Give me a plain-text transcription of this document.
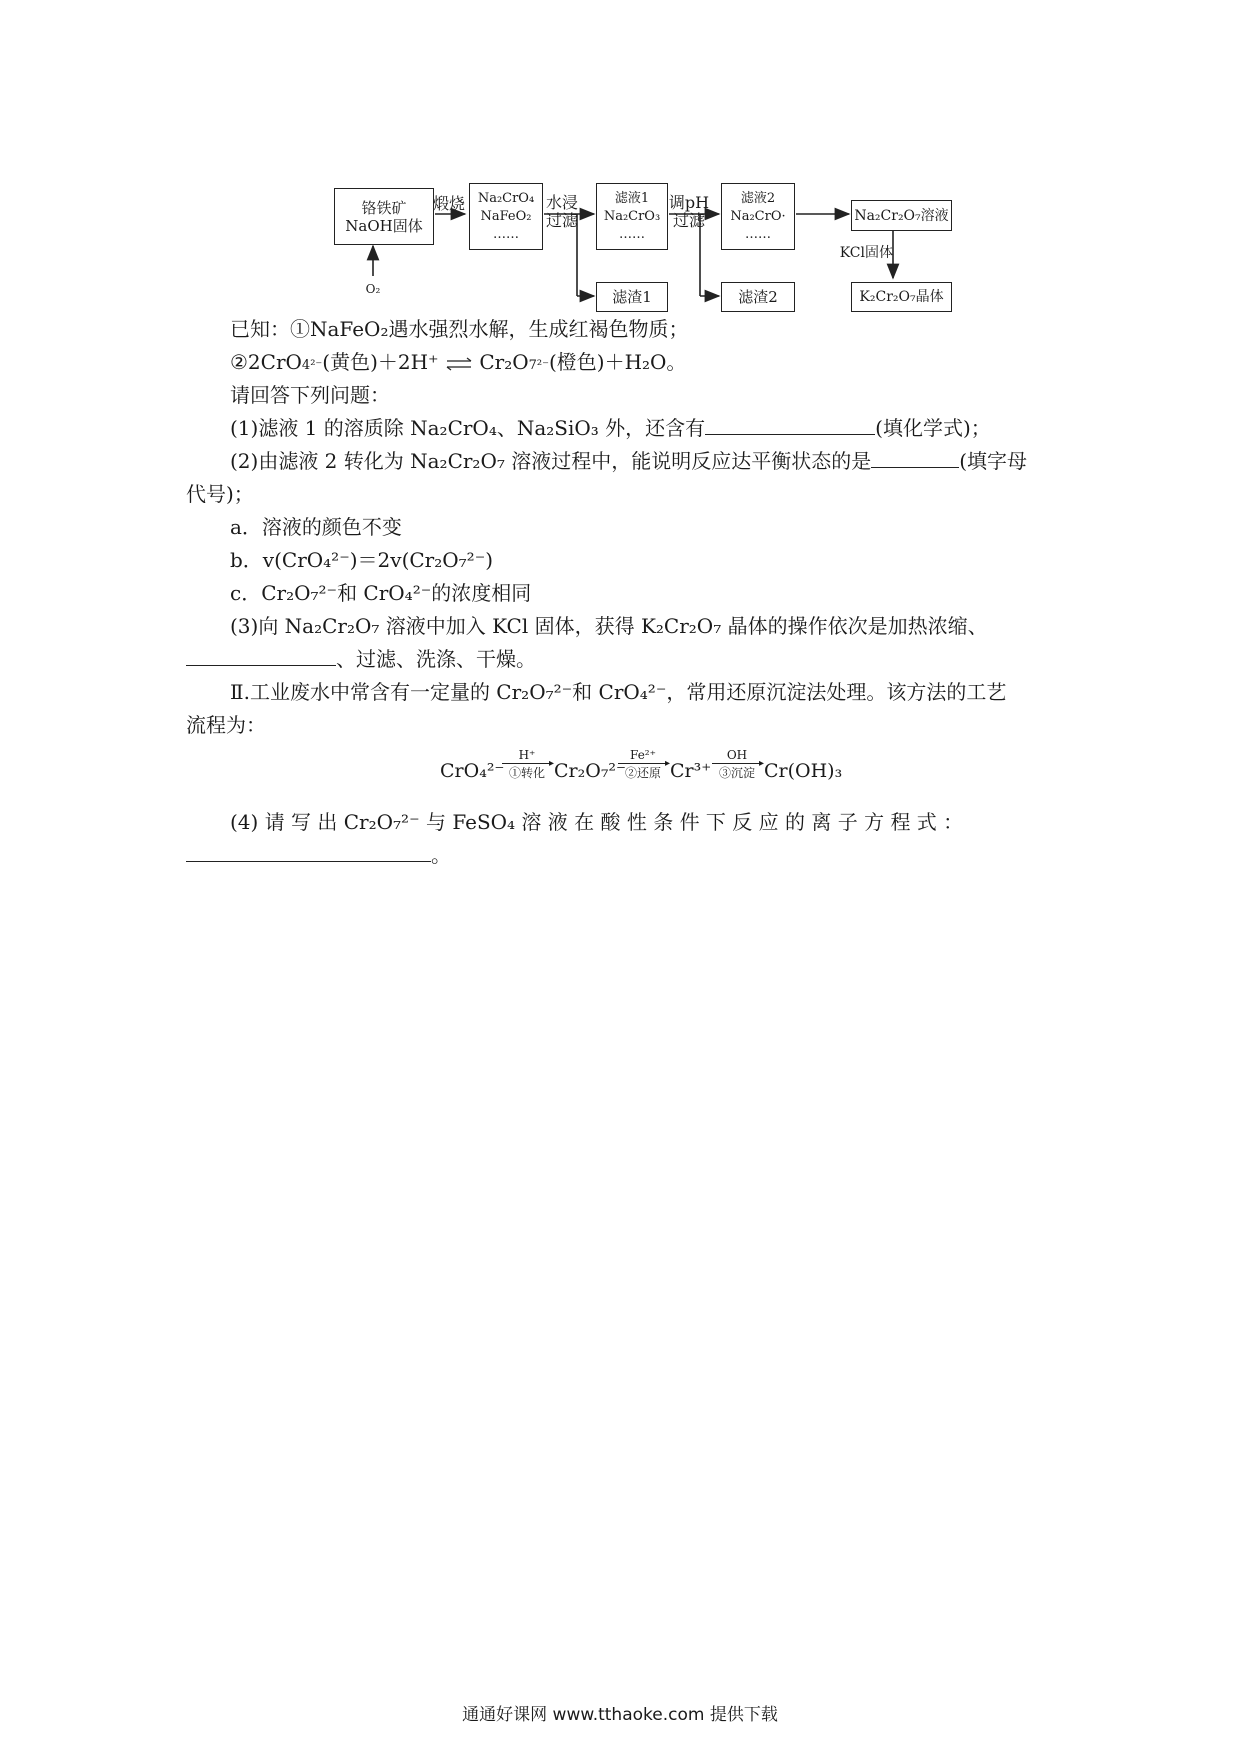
铬铁矿
NaOH固体
Na₂CrO₄
NaFeO₂
……
滤液1
Na₂CrO₃
……
滤液2
Na₂CrO·
……
Na₂Cr₂O₇溶液
滤渣1	滤渣2	K₂Cr₂O₇晶体
煅烧	水浸
过滤
调pH
过滤
KCl固体
O₂
已知：①NaFeO₂遇水强烈水解，生成红褐色物质；
②2CrO4²⁻(黄色)＋2H⁺ ⇌ Cr₂O7²⁻(橙色)＋H₂O。
请回答下列问题：
(1)滤液 1 的溶质除 Na₂CrO₄、Na₂SiO₃ 外，还含有	(填化学式)；
(2)由滤液 2 转化为 Na₂Cr₂O₇ 溶液过程中，能说明反应达平衡状态的是	(填字母
代号)；
a．溶液的颜色不变
b．v(CrO₄²⁻)＝2v(Cr₂O₇²⁻)
c．Cr₂O₇²⁻和 CrO₄²⁻的浓度相同
(3)向 Na₂Cr₂O₇ 溶液中加入 KCl 固体，获得 K₂Cr₂O₇ 晶体的操作依次是加热浓缩、
、过滤、洗涤、干燥。
Ⅱ.工业废水中常含有一定量的 Cr₂O₇²⁻和 CrO₄²⁻，常用还原沉淀法处理。该方法的工艺
流程为：
CrO₄²⁻
H⁺
▸
①转化 Cr₂O₇²⁻
Fe²⁺
▸
②还原 Cr³⁺
OH
▸
③沉淀 Cr(OH)₃
(4) 请 写 出 Cr₂O₇²⁻ 与 FeSO₄ 溶 液 在 酸 性 条 件 下 反 应 的 离 子 方 程 式 ：
。
通通好课网 www.tthaoke.com 提供下载
